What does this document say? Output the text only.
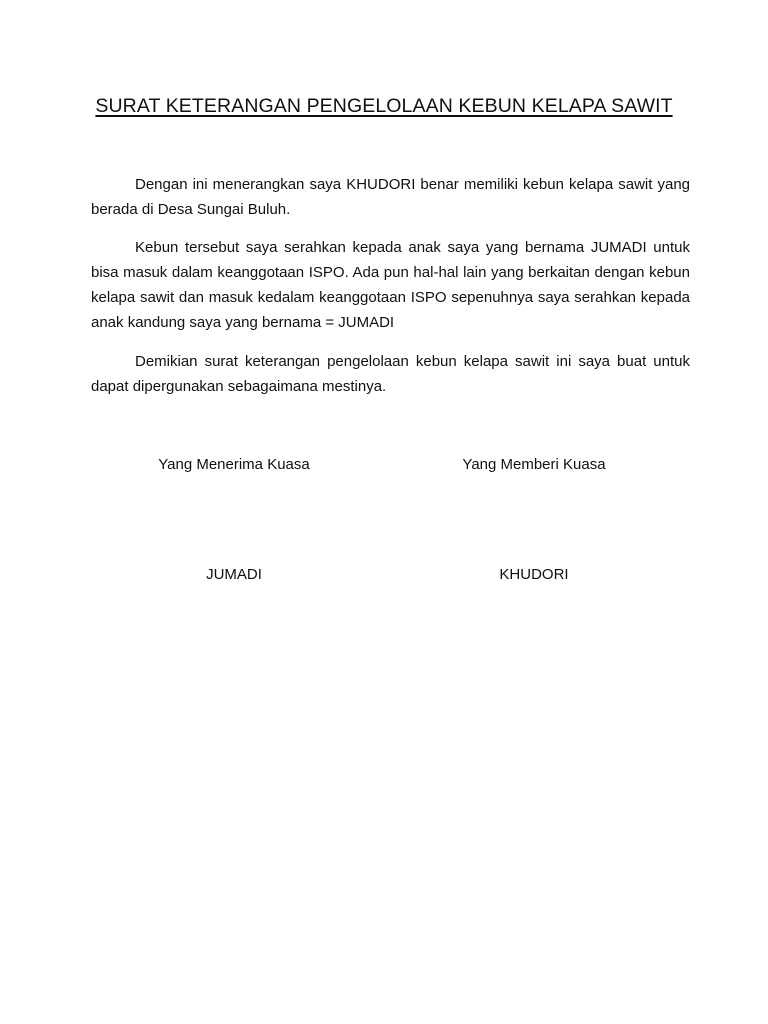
SURAT KETERANGAN PENGELOLAAN KEBUN KELAPA SAWIT

Dengan ini menerangkan saya KHUDORI benar memiliki kebun kelapa sawit yang berada di Desa Sungai Buluh.

Kebun tersebut saya serahkan kepada anak saya yang bernama JUMADI untuk bisa masuk dalam keanggotaan ISPO. Ada pun hal-hal lain yang berkaitan dengan kebun kelapa sawit dan masuk kedalam keanggotaan ISPO sepenuhnya saya serahkan kepada anak kandung saya yang bernama = JUMADI

Demikian surat keterangan pengelolaan kebun kelapa sawit ini saya buat untuk dapat dipergunakan sebagaimana mestinya.

Yang Menerima Kuasa	Yang Memberi Kuasa
JUMADI	KHUDORI
